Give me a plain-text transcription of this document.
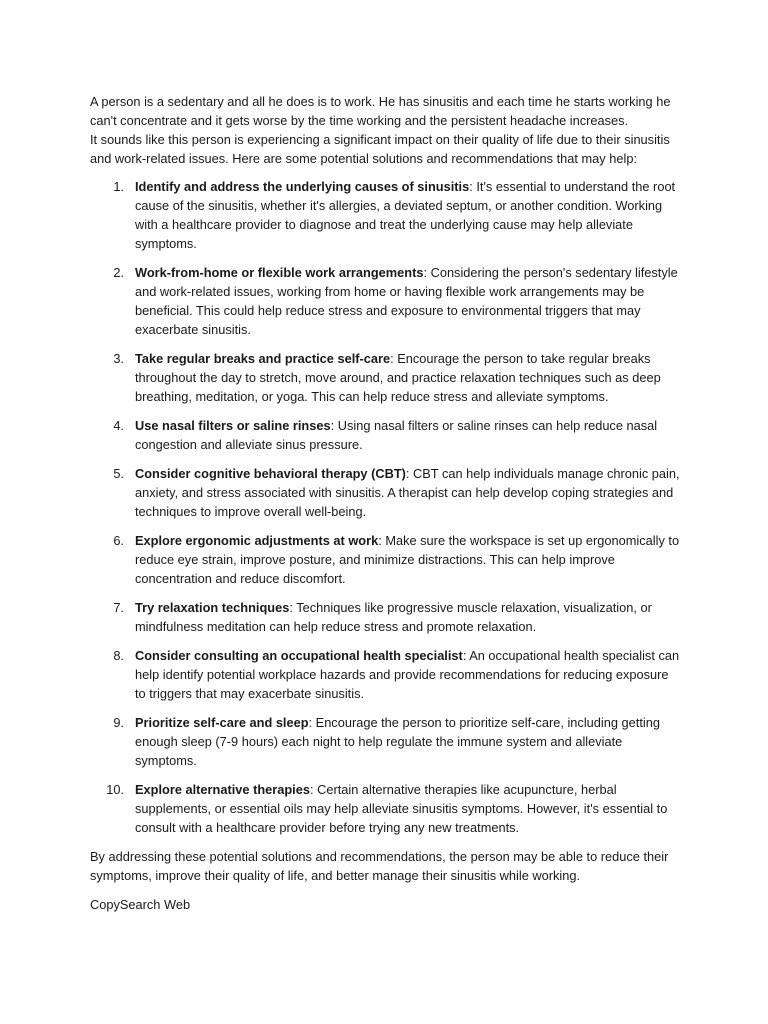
A person is a sedentary and all he does is to work. He has sinusitis and each time he starts working he can't concentrate and it gets worse by the time working and the persistent headache increases.

It sounds like this person is experiencing a significant impact on their quality of life due to their sinusitis and work-related issues. Here are some potential solutions and recommendations that may help:

1. Identify and address the underlying causes of sinusitis: It's essential to understand the root cause of the sinusitis, whether it's allergies, a deviated septum, or another condition. Working with a healthcare provider to diagnose and treat the underlying cause may help alleviate symptoms.
2. Work-from-home or flexible work arrangements: Considering the person's sedentary lifestyle and work-related issues, working from home or having flexible work arrangements may be beneficial. This could help reduce stress and exposure to environmental triggers that may exacerbate sinusitis.
3. Take regular breaks and practice self-care: Encourage the person to take regular breaks throughout the day to stretch, move around, and practice relaxation techniques such as deep breathing, meditation, or yoga. This can help reduce stress and alleviate symptoms.
4. Use nasal filters or saline rinses: Using nasal filters or saline rinses can help reduce nasal congestion and alleviate sinus pressure.
5. Consider cognitive behavioral therapy (CBT): CBT can help individuals manage chronic pain, anxiety, and stress associated with sinusitis. A therapist can help develop coping strategies and techniques to improve overall well-being.
6. Explore ergonomic adjustments at work: Make sure the workspace is set up ergonomically to reduce eye strain, improve posture, and minimize distractions. This can help improve concentration and reduce discomfort.
7. Try relaxation techniques: Techniques like progressive muscle relaxation, visualization, or mindfulness meditation can help reduce stress and promote relaxation.
8. Consider consulting an occupational health specialist: An occupational health specialist can help identify potential workplace hazards and provide recommendations for reducing exposure to triggers that may exacerbate sinusitis.
9. Prioritize self-care and sleep: Encourage the person to prioritize self-care, including getting enough sleep (7-9 hours) each night to help regulate the immune system and alleviate symptoms.
10. Explore alternative therapies: Certain alternative therapies like acupuncture, herbal supplements, or essential oils may help alleviate sinusitis symptoms. However, it's essential to consult with a healthcare provider before trying any new treatments.

By addressing these potential solutions and recommendations, the person may be able to reduce their symptoms, improve their quality of life, and better manage their sinusitis while working.

CopySearch Web
